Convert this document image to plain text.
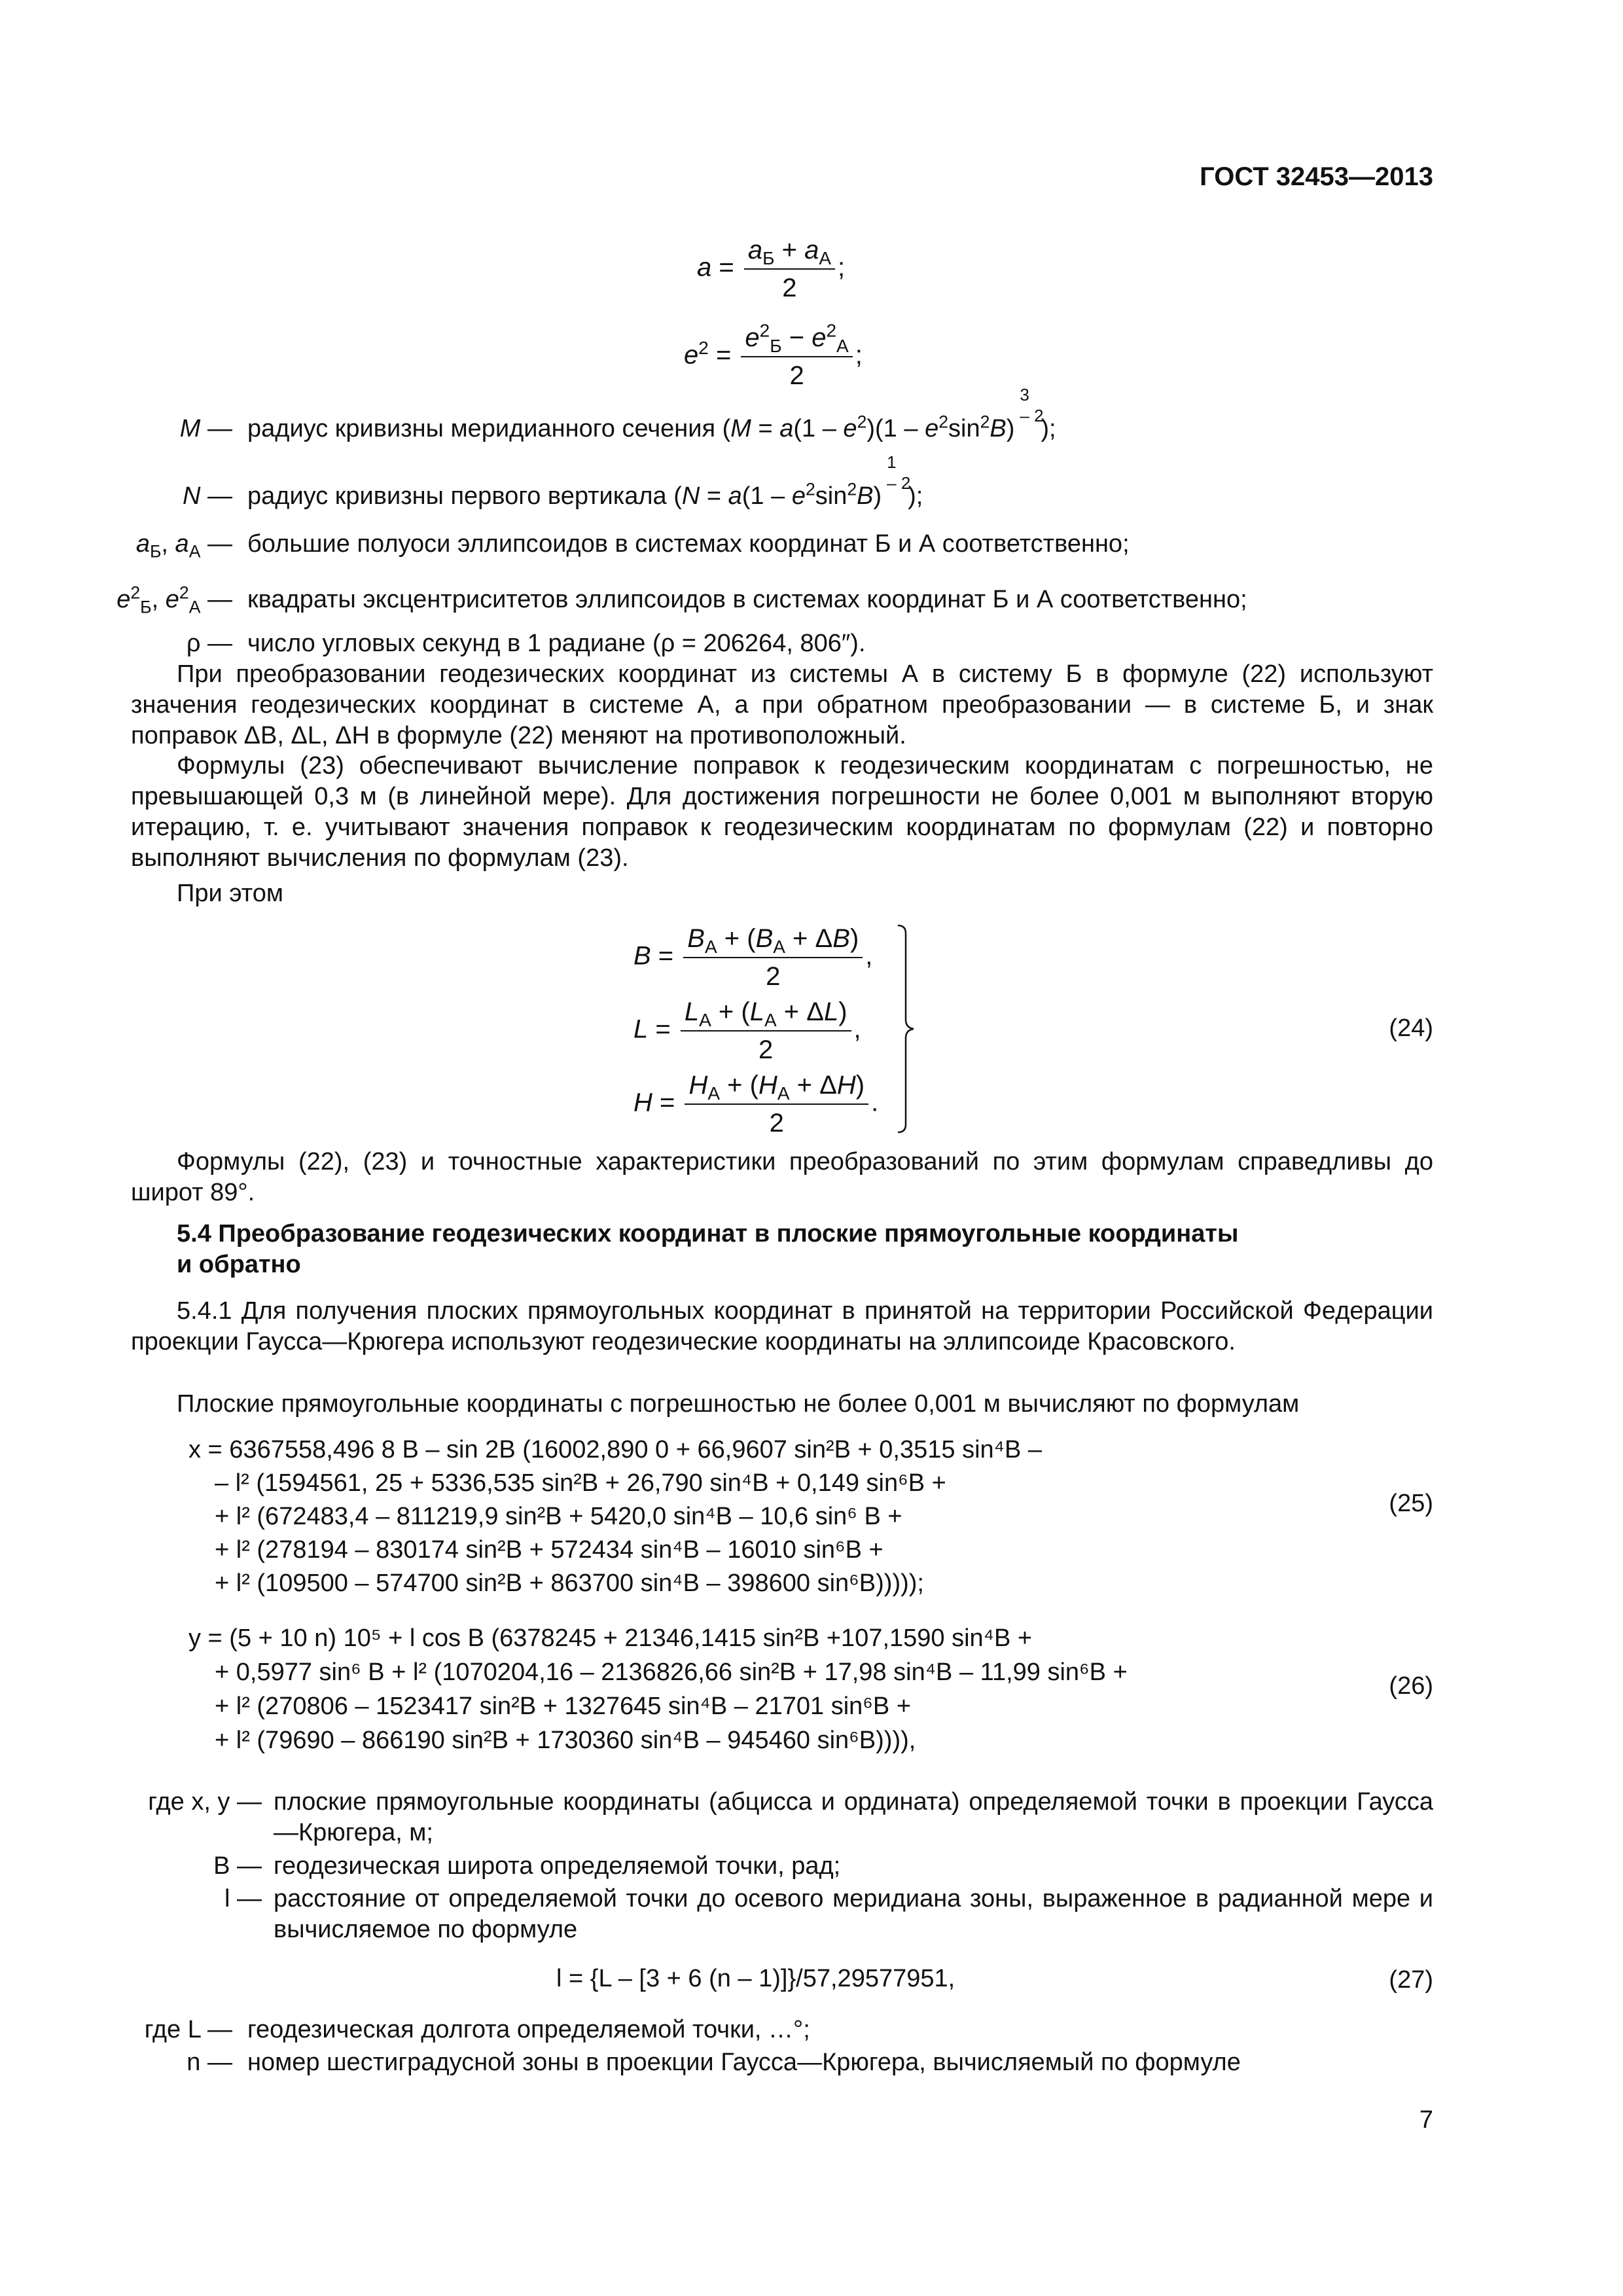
ГОСТ 32453—2013
$a = \frac{a_Б + a_А}{2}$ ;
$e^2 = \frac{e^2_Б - e^2_А}{2}$ ;
M — радиус кривизны меридианного сечения ($M = a(1 - e^2)(1 - e^2\sin^2B)$
3
– 2
);
N — радиус кривизны первого вертикала ($N = a(1 - e^2\sin^2B)$
1
– 2
);
$a_Б$, $a_А$ — большие полуоси эллипсоидов в системах координат Б и А соответственно;
$e^2_Б$, $e^2_А$ — квадраты эксцентриситетов эллипсоидов в системах координат Б и А соответственно;
ρ — число угловых секунд в 1 радиане (ρ = 206264, 806″).
При преобразовании геодезических координат из системы А в систему Б в формуле (22) используют значения геодезических координат в системе А, а при обратном преобразовании — в системе Б, и знак поправок ΔB, ΔL, ΔH в формуле (22) меняют на противоположный.
Формулы (23) обеспечивают вычисление поправок к геодезическим координатам с погрешностью, не превышающей 0,3 м (в линейной мере). Для достижения погрешности не более 0,001 м выполняют вторую итерацию, т. е. учитывают значения поправок к геодезическим координатам по формулам (22) и повторно выполняют вычисления по формулам (23).
При этом
$B = \frac{B_А + (B_А + \Delta B)}{2}$ ,
$L = \frac{L_А + (L_А + \Delta L)}{2}$ ,
$H = \frac{H_А + (H_А + \Delta H)}{2}$ .
(24)
Формулы (22), (23) и точностные характеристики преобразований по этим формулам справедливы до широт 89°.
5.4 Преобразование геодезических координат в плоские прямоугольные координаты
и обратно
5.4.1 Для получения плоских прямоугольных координат в принятой на территории Российской Федерации проекции Гаусса—Крюгера используют геодезические координаты на эллипсоиде Красовского.
Плоские прямоугольные координаты с погрешностью не более 0,001 м вычисляют по формулам
x = 6367558,496 8 B – sin 2B (16002,890 0 + 66,9607 sin²B + 0,3515 sin⁴B –
– l² (1594561, 25 + 5336,535 sin²B + 26,790 sin⁴B + 0,149 sin⁶B +
+ l² (672483,4 – 811219,9 sin²B + 5420,0 sin⁴B – 10,6 sin⁶ B +
+ l² (278194 – 830174 sin²B + 572434 sin⁴B – 16010 sin⁶B +
+ l² (109500 – 574700 sin²B + 863700 sin⁴B – 398600 sin⁶B)))));
(25)
y = (5 + 10 n) 10⁵ + l cos B (6378245 + 21346,1415 sin²B +107,1590 sin⁴B +
+ 0,5977 sin⁶ B + l² (1070204,16 – 2136826,66 sin²B + 17,98 sin⁴B – 11,99 sin⁶B +
+ l² (270806 – 1523417 sin²B + 1327645 sin⁴B – 21701 sin⁶B +
+ l² (79690 – 866190 sin²B + 1730360 sin⁴B – 945460 sin⁶B)))),
(26)
где x, y — плоские прямоугольные координаты (абцисса и ордината) определяемой точки в проекции Гаусса —Крюгера, м;
B — геодезическая широта определяемой точки, рад;
l — расстояние от определяемой точки до осевого меридиана зоны, выраженное в радианной мере и вычисляемое по формуле
l = {L – [3 + 6 (n – 1)]}/57,29577951,	(27)
где L — геодезическая долгота определяемой точки, …°;
n — номер шестиградусной зоны в проекции Гаусса—Крюгера, вычисляемый по формуле
7
